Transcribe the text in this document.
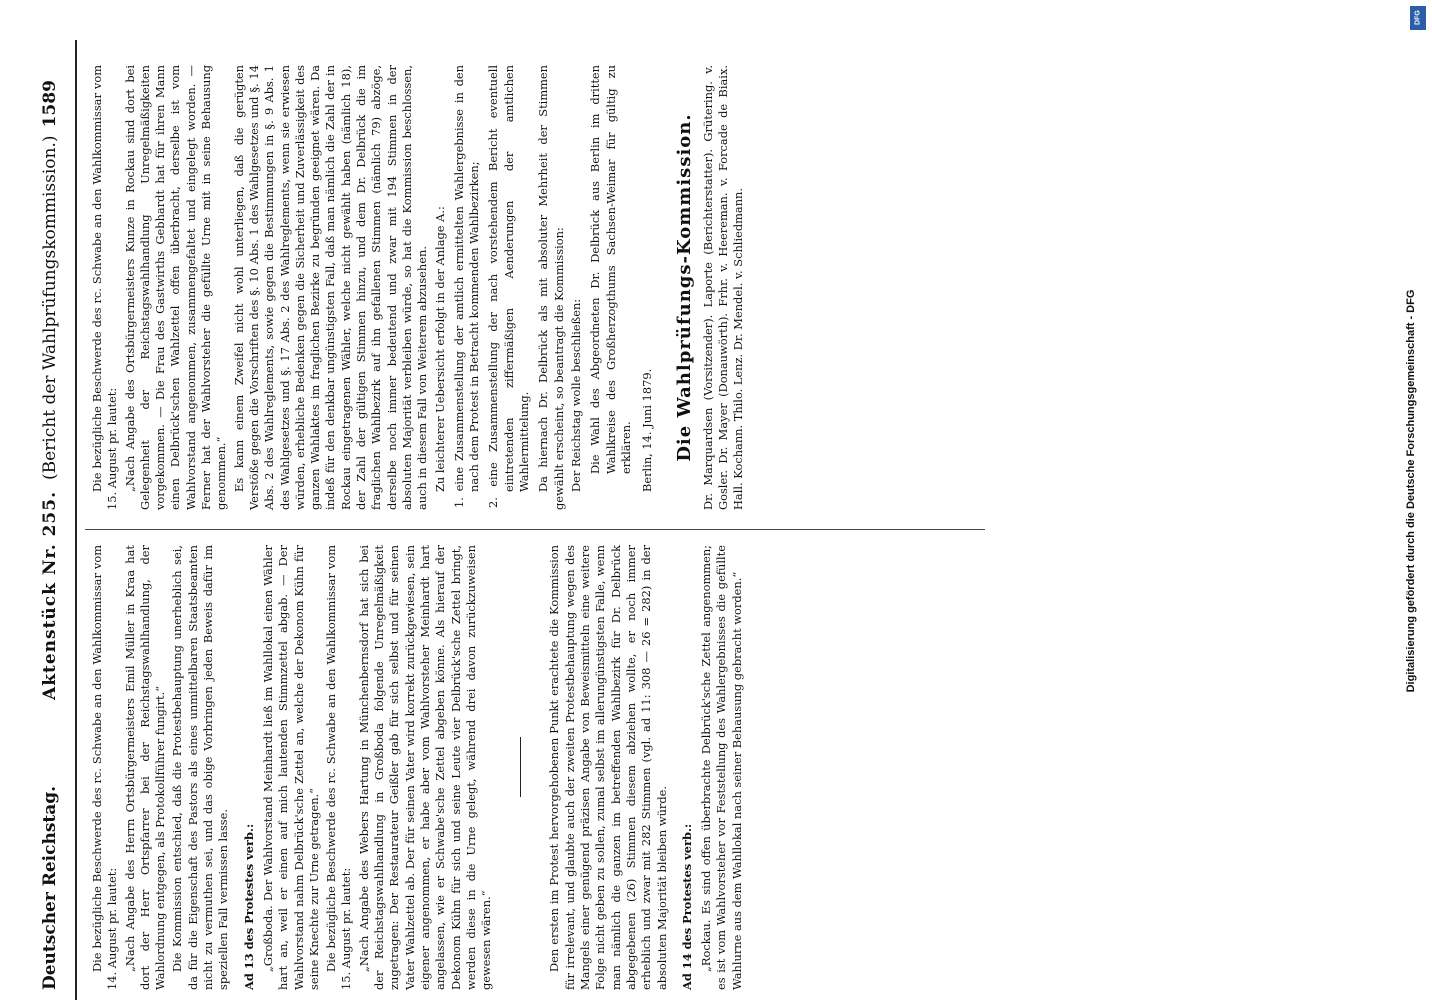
Deutscher Reichstag.
Aktenstück Nr. 255.
(Bericht der Wahlprüfungskommission.)
1589

Die bezügliche Beschwerde des rc. Schwabe an den Wahlkommissar vom 14. August pr. lautet: „Nach Angabe des Herrn Ortsbürgermeisters Emil Müller in Kraa hat dort der Herr Ortspfarrer bei der Reichstagswahlhandlung, der Wahlordnung entgegen, als Protokollführer fungirt.“ Die Kommission entschied, daß die Protestbehauptung unerheblich sei, da für die Eigenschaft des Pastors als eines unmittelbaren Staatsbeamten nicht zu vermuthen sei, und das obige Vorbringen jeden Beweis dafür im speziellen Fall vermissen lasse. Ad 13 des Protestes verb.: „Großboda. Der Wahlvorstand Meinhardt ließ im Wahllokal einen Wähler hart an, weil er einen auf mich lautenden Stimmzettel abgab. — Der Wahlvorstand nahm Delbrück'sche Zettel an, welche der Dekonom Kühn für seine Knechte zur Urne getragen.“ Die bezügliche Beschwerde des rc. Schwabe an den Wahlkommissar vom 15. August pr. lautet: „Nach Angabe des Webers Hartung in Münchenbernsdorf hat sich bei der Reichstagswahlhandlung in Großboda folgende Unregelmäßigkeit zugetragen: Der Restaurateur Geißler gab für sich selbst und für seinen Vater Wahlzettel ab. Der für seinen Vater wird korrekt zurückgewiesen, sein eigener angenommen, er habe aber vom Wahlvorsteher Meinhardt hart angelassen, wie er Schwabe'sche Zettel abgeben könne. Als hierauf der Dekonom Kühn für sich und seine Leute vier Delbrück'sche Zettel bringt, werden diese in die Urne gelegt, während drei davon zurückzuweisen gewesen wären.“	Den ersten im Protest hervorgehobenen Punkt erachtete die Kommission für irrelevant, und glaubte auch der zweiten Protestbehauptung wegen des Mangels einer genügend präzisen Angabe von Beweismitteln eine weitere Folge nicht geben zu sollen, zumal selbst im allerungünstigsten Falle, wenn man nämlich die ganzen im betreffenden Wahlbezirk für Dr. Delbrück abgegebenen (26) Stimmen diesem abziehen wollte, er noch immer erheblich und zwar mit 282 Stimmen (vgl. ad 11: 308 — 26 = 282) in der absoluten Majorität bleiben würde. Ad 14 des Protestes verb.: „Rockau. Es sind offen überbrachte Delbrück'sche Zettel angenommen; es ist vom Wahlvorsteher vor Feststellung des Wahlergebnisses die gefüllte Wahlurne aus dem Wahllokal nach seiner Behausung gebracht worden.“

Die bezügliche Beschwerde des rc. Schwabe an den Wahlkommissar vom 15. August pr. lautet: „Nach Angabe des Ortsbürgermeisters Kunze in Rockau sind dort bei Gelegenheit der Reichstagswahlhandlung Unregelmäßigkeiten vorgekommen. — Die Frau des Gastwirths Gebhardt hat für ihren Mann einen Delbrück'schen Wahlzettel offen überbracht, derselbe ist vom Wahlvorstand angenommen, zusammengefaltet und eingelegt worden. — Ferner hat der Wahlvorsteher die gefüllte Urne mit in seine Behausung genommen.“ Es kann einem Zweifel nicht wohl unterliegen, daß die gerügten Verstöße gegen die Vorschriften des §. 10 Abs. 1 des Wahlgesetzes und §. 14 Abs. 2 des Wahlreglements, sowie gegen die Bestimmungen in §. 9 Abs. 1 des Wahlgesetzes und §. 17 Abs. 2 des Wahlreglements, wenn sie erwiesen würden, erhebliche Bedenken gegen die Sicherheit und Zuverlässigkeit des ganzen Wahlaktes im fraglichen Bezirke zu begründen geeignet wären. Da indeß für den denkbar ungünstigsten Fall, daß man nämlich die Zahl der in Rockau eingetragenen Wähler, welche nicht gewählt haben (nämlich 18), der Zahl der gültigen Stimmen hinzu, und dem Dr. Delbrück die im fraglichen Wahlbezirk auf ihn gefallenen Stimmen (nämlich 79) abzöge, derselbe noch immer bedeutend und zwar mit 194 Stimmen in der absoluten Majorität verbleiben würde, so hat die Kommission beschlossen, auch in diesem Fall von Weiterem abzusehen. Zu leichterer Uebersicht erfolgt in der Anlage A.: 1. eine Zusammenstellung der amtlich ermittelten Wahlergebnisse in den nach dem Protest in Betracht kommenden Wahlbezirken; 2. eine Zusammenstellung der nach vorstehendem Bericht eventuell eintretenden ziffermäßigen Aenderungen der amtlichen Wahlermittelung. Da hiernach Dr. Delbrück als mit absoluter Mehrheit der Stimmen gewählt erscheint, so beantragt die Kommission: Der Reichstag wolle beschließen: Die Wahl des Abgeordneten Dr. Delbrück aus Berlin im dritten Wahlkreise des Großherzogthums Sachsen-Weimar für gültig zu erklären. Berlin, 14. Juni 1879. Die Wahlprüfungs-Kommission. Dr. Marquardsen (Vorsitzender). Laporte (Berichterstatter). Grütering. v. Gosler. Dr. Mayer (Donauwörth). Frhr. v. Heereman. v. Forcade de Biaix. Hall. Kochann. Thilo. Lenz. Dr. Mendel. v. Schliedmann.	Digitalisierung gefördert durch die Deutsche Forschungsgemeinschaft - DFG
DFG
